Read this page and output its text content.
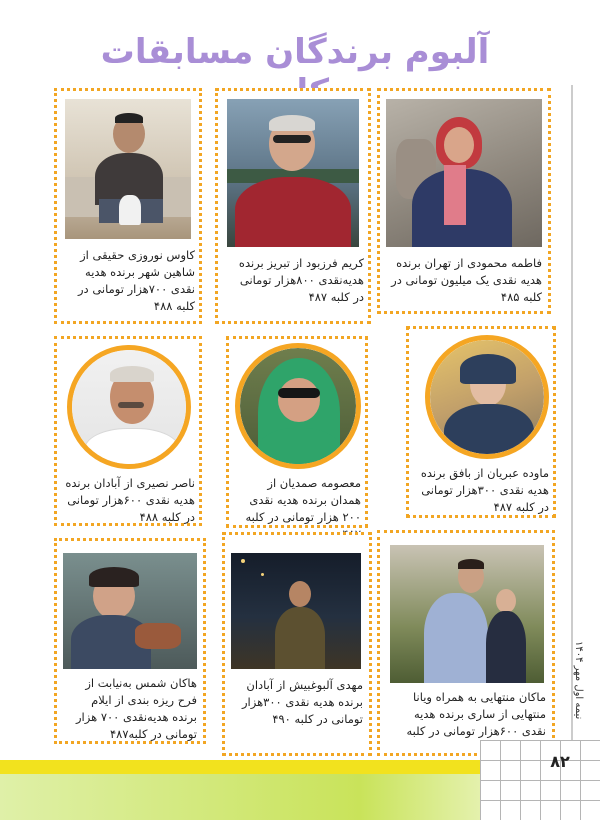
آلبوم برندگان مسابقات
فاطمه محمودی از تهران برنده هدیه نقدی یک میلیون تومانی در کلبه ۴۸۵
کریم فرزبود از تبریز برنده هدیه‌نقدی ۸۰۰هزار تومانی در کلبه ۴۸۷
کاوس نوروزی حقیقی از شاهین شهر برنده هدیه نقدی ۷۰۰هزار تومانی در کلبه ۴۸۸
ماوده عبریان از بافق برنده هدیه نقدی ۳۰۰هزار تومانی در کلبه ۴۸۷
معصومه صمدیان از همدان برنده هدیه نقدی ۲۰۰ هزار تومانی در کلبه
ناصر نصیری از آبادان برنده هدیه نقدی ۶۰۰هزار تومانی در کلبه ۴۸۸
ماکان منتهایی به همراه ویانا منتهایی از ساری برنده هدیه نقدی ۶۰۰هزار تومانی در کلبه
مهدی آلبوغبیش از آبادان برنده هدیه نقدی ۳۰۰هزار تومانی در کلبه ۴۹۰
هاکان شمس به‌نیابت از فرح ریزه بندی از ایلام برنده هدیه‌نقدی ۷۰۰ هزار تومانی در کلبه۴۸۷
نیمه اول مهر ۱۴۰۴
۸۲
